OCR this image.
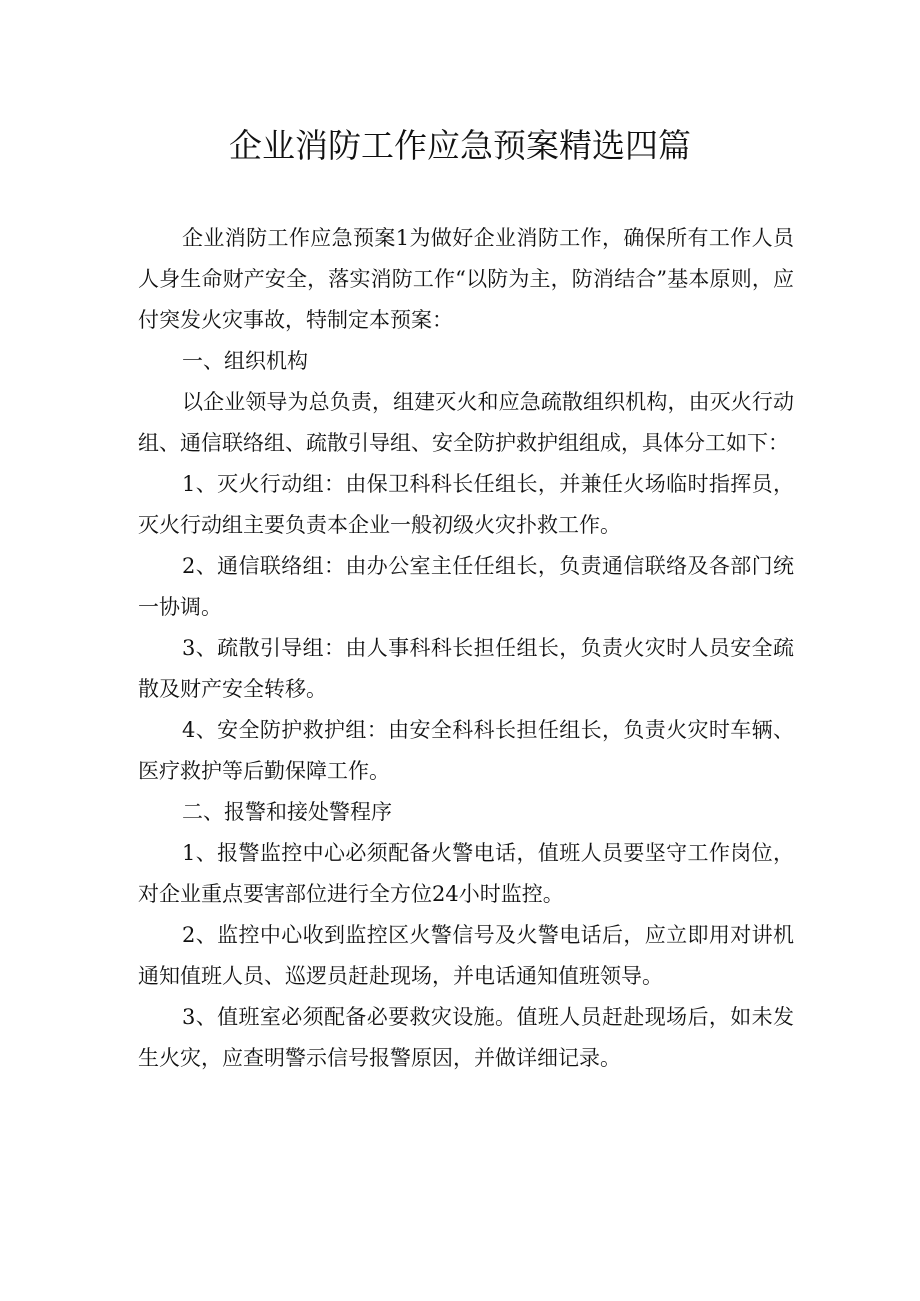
企业消防工作应急预案精选四篇

企业消防工作应急预案1为做好企业消防工作，确保所有工作人员人身生命财产安全，落实消防工作“以防为主，防消结合”基本原则，应付突发火灾事故，特制定本预案：

一、组织机构

以企业领导为总负责，组建灭火和应急疏散组织机构，由灭火行动组、通信联络组、疏散引导组、安全防护救护组组成，具体分工如下：

1、灭火行动组：由保卫科科长任组长，并兼任火场临时指挥员，灭火行动组主要负责本企业一般初级火灾扑救工作。

2、通信联络组：由办公室主任任组长，负责通信联络及各部门统一协调。

3、疏散引导组：由人事科科长担任组长，负责火灾时人员安全疏散及财产安全转移。

4、安全防护救护组：由安全科科长担任组长，负责火灾时车辆、医疗救护等后勤保障工作。

二、报警和接处警程序

1、报警监控中心必须配备火警电话，值班人员要坚守工作岗位，对企业重点要害部位进行全方位24小时监控。

2、监控中心收到监控区火警信号及火警电话后，应立即用对讲机通知值班人员、巡逻员赶赴现场，并电话通知值班领导。

3、值班室必须配备必要救灾设施。值班人员赶赴现场后，如未发生火灾，应查明警示信号报警原因，并做详细记录。
